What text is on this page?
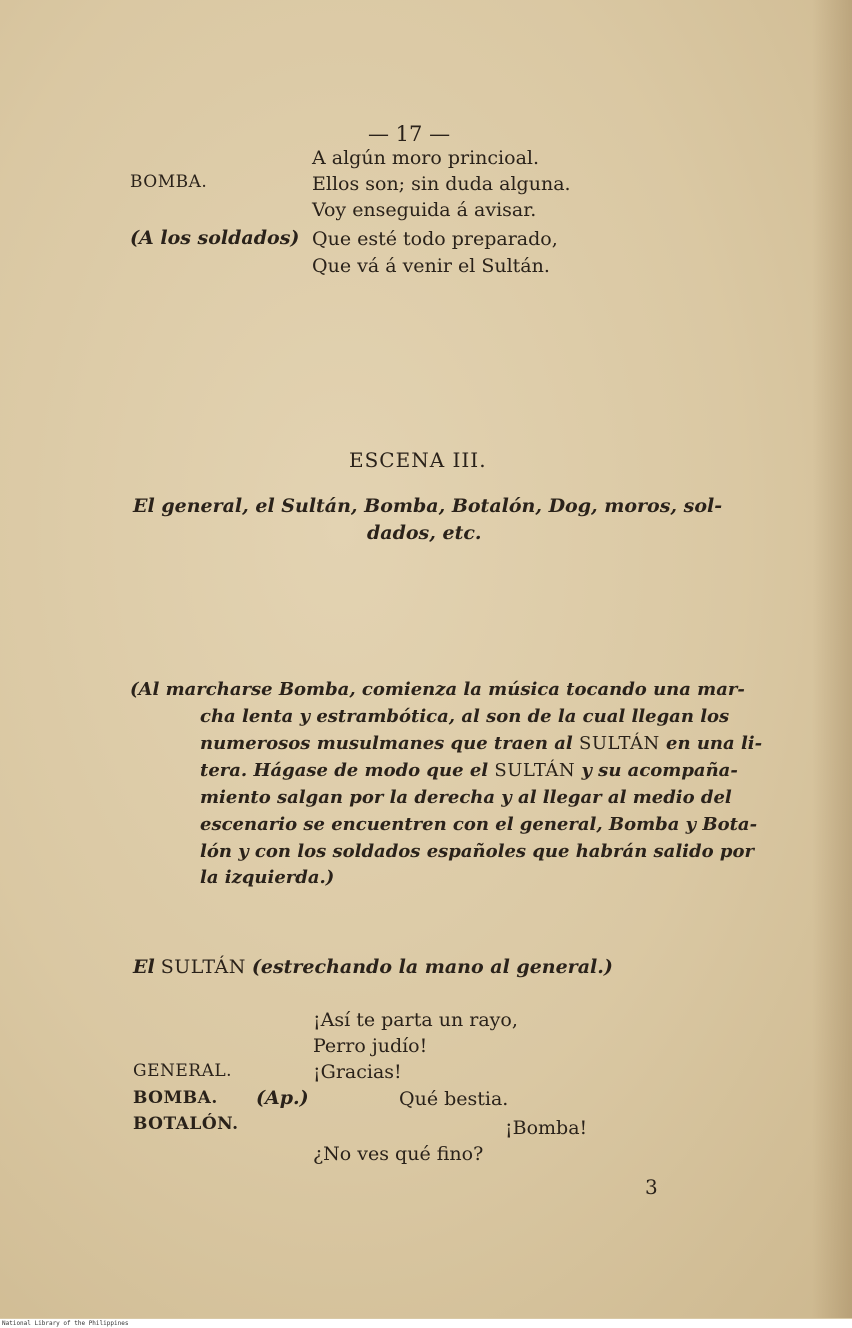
— 17 —
A algún moro princioal.
BOMBA.	Ellos son; sin duda alguna.
Voy enseguida á avisar.
(A los soldados) Que esté todo preparado,
Que vá á venir el Sultán.
ESCENA III.
El general, el Sultán, Bomba, Botalón, Dog, moros, sol-
dados, etc.
(Al marcharse Bomba, comienza la música tocando una mar-
cha lenta y estrambótica, al son de la cual llegan los
numerosos musulmanes que traen al SULTÁN en una li-
tera. Hágase de modo que el SULTÁN y su acompaña-
miento salgan por la derecha y al llegar al medio del
escenario se encuentren con el general, Bomba y Bota-
lón y con los soldados españoles que habrán salido por
la izquierda.)
El SULTÁN (estrechando la mano al general.)
¡Así te parta un rayo,
Perro judío!
GENERAL.	¡Gracias!
BOMBA. (Ap.)	Qué bestia.
BOTALÓN.	¡Bomba!
¿No ves qué fino?
3
National Library of the Philippines
